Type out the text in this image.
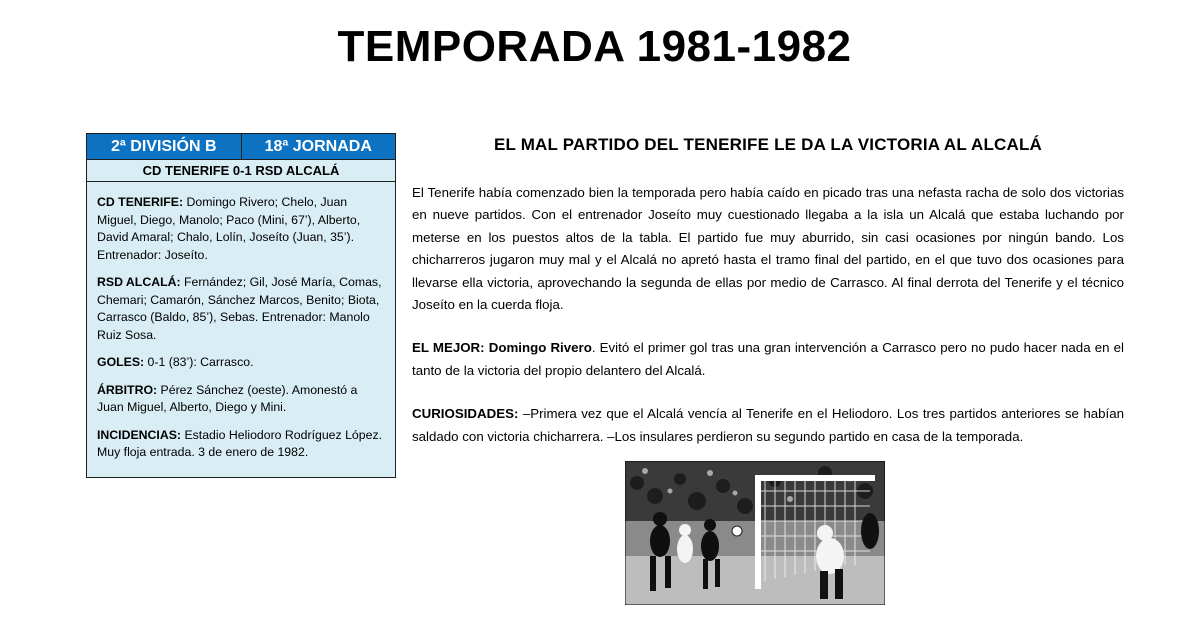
TEMPORADA 1981-1982
2ª DIVISIÓN B	18ª JORNADA
CD TENERIFE 0-1 RSD ALCALÁ

CD TENERIFE: Domingo Rivero; Chelo, Juan Miguel, Diego, Manolo; Paco (Mini, 67’), Alberto, David Amaral; Chalo, Lolín, Joseíto (Juan, 35’). Entrenador: Joseíto.

RSD ALCALÁ: Fernández; Gil, José María, Comas, Chemari; Camarón, Sánchez Marcos, Benito; Biota, Carrasco (Baldo, 85’), Sebas. Entrenador: Manolo Ruiz Sosa.

GOLES: 0-1 (83’): Carrasco.

ÁRBITRO: Pérez Sánchez (oeste). Amonestó a Juan Miguel, Alberto, Diego y Mini.

INCIDENCIAS: Estadio Heliodoro Rodríguez López. Muy floja entrada. 3 de enero de 1982.

EL MAL PARTIDO DEL TENERIFE LE DA LA VICTORIA AL ALCALÁ

El Tenerife había comenzado bien la temporada pero había caído en picado tras una nefasta racha de solo dos victorias en nueve partidos. Con el entrenador Joseíto muy cuestionado llegaba a la isla un Alcalá que estaba luchando por meterse en los puestos altos de la tabla. El partido fue muy aburrido, sin casi ocasiones por ningún bando. Los chicharreros jugaron muy mal y el Alcalá no apretó hasta el tramo final del partido, en el que tuvo dos ocasiones para llevarse ella victoria, aprovechando la segunda de ellas por medio de Carrasco. Al final derrota del Tenerife y el técnico Joseíto en la cuerda floja.

EL MEJOR: Domingo Rivero. Evitó el primer gol tras una gran intervención a Carrasco pero no pudo hacer nada en el tanto de la victoria del propio delantero del Alcalá.

CURIOSIDADES: –Primera vez que el Alcalá vencía al Tenerife en el Heliodoro. Los tres partidos anteriores se habían saldado con victoria chicharrera. –Los insulares perdieron su segundo partido en casa de la temporada.
